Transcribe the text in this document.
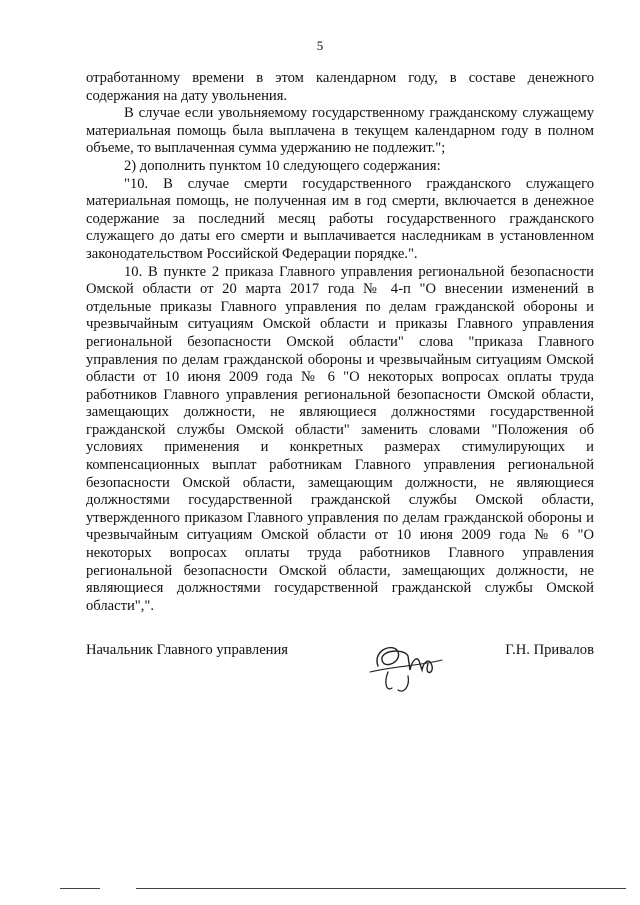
5

отработанному времени в этом календарном году, в составе денежного содержания на дату увольнения.

В случае если увольняемому государственному гражданскому служащему материальная помощь была выплачена в текущем календарном году в полном объеме, то выплаченная сумма удержанию не подлежит.";

2) дополнить пунктом 10 следующего содержания:

"10. В случае смерти государственного гражданского служащего материальная помощь, не полученная им в год смерти, включается в денежное содержание за последний месяц работы государственного гражданского служащего до даты его смерти и выплачивается наследникам в установленном законодательством Российской Федерации порядке.".

10. В пункте 2 приказа Главного управления региональной безопасности Омской области от 20 марта 2017 года № 4-п "О внесении изменений в отдельные приказы Главного управления по делам гражданской обороны и чрезвычайным ситуациям Омской области и приказы Главного управления региональной безопасности Омской области" слова "приказа Главного управления по делам гражданской обороны и чрезвычайным ситуациям Омской области от 10 июня 2009 года № 6 "О некоторых вопросах оплаты труда работников Главного управления региональной безопасности Омской области, замещающих должности, не являющиеся должностями государственной гражданской службы Омской области" заменить словами "Положения об условиях применения и конкретных размерах стимулирующих и компенсационных выплат работникам Главного управления региональной безопасности Омской области, замещающим должности, не являющиеся должностями государственной гражданской службы Омской области, утвержденного приказом Главного управления по делам гражданской обороны и чрезвычайным ситуациям Омской области от 10 июня 2009 года № 6 "О некоторых вопросах оплаты труда работников Главного управления региональной безопасности Омской области, замещающих должности, не являющиеся должностями государственной гражданской службы Омской области",".

Начальник Главного управления	Г.Н. Привалов
